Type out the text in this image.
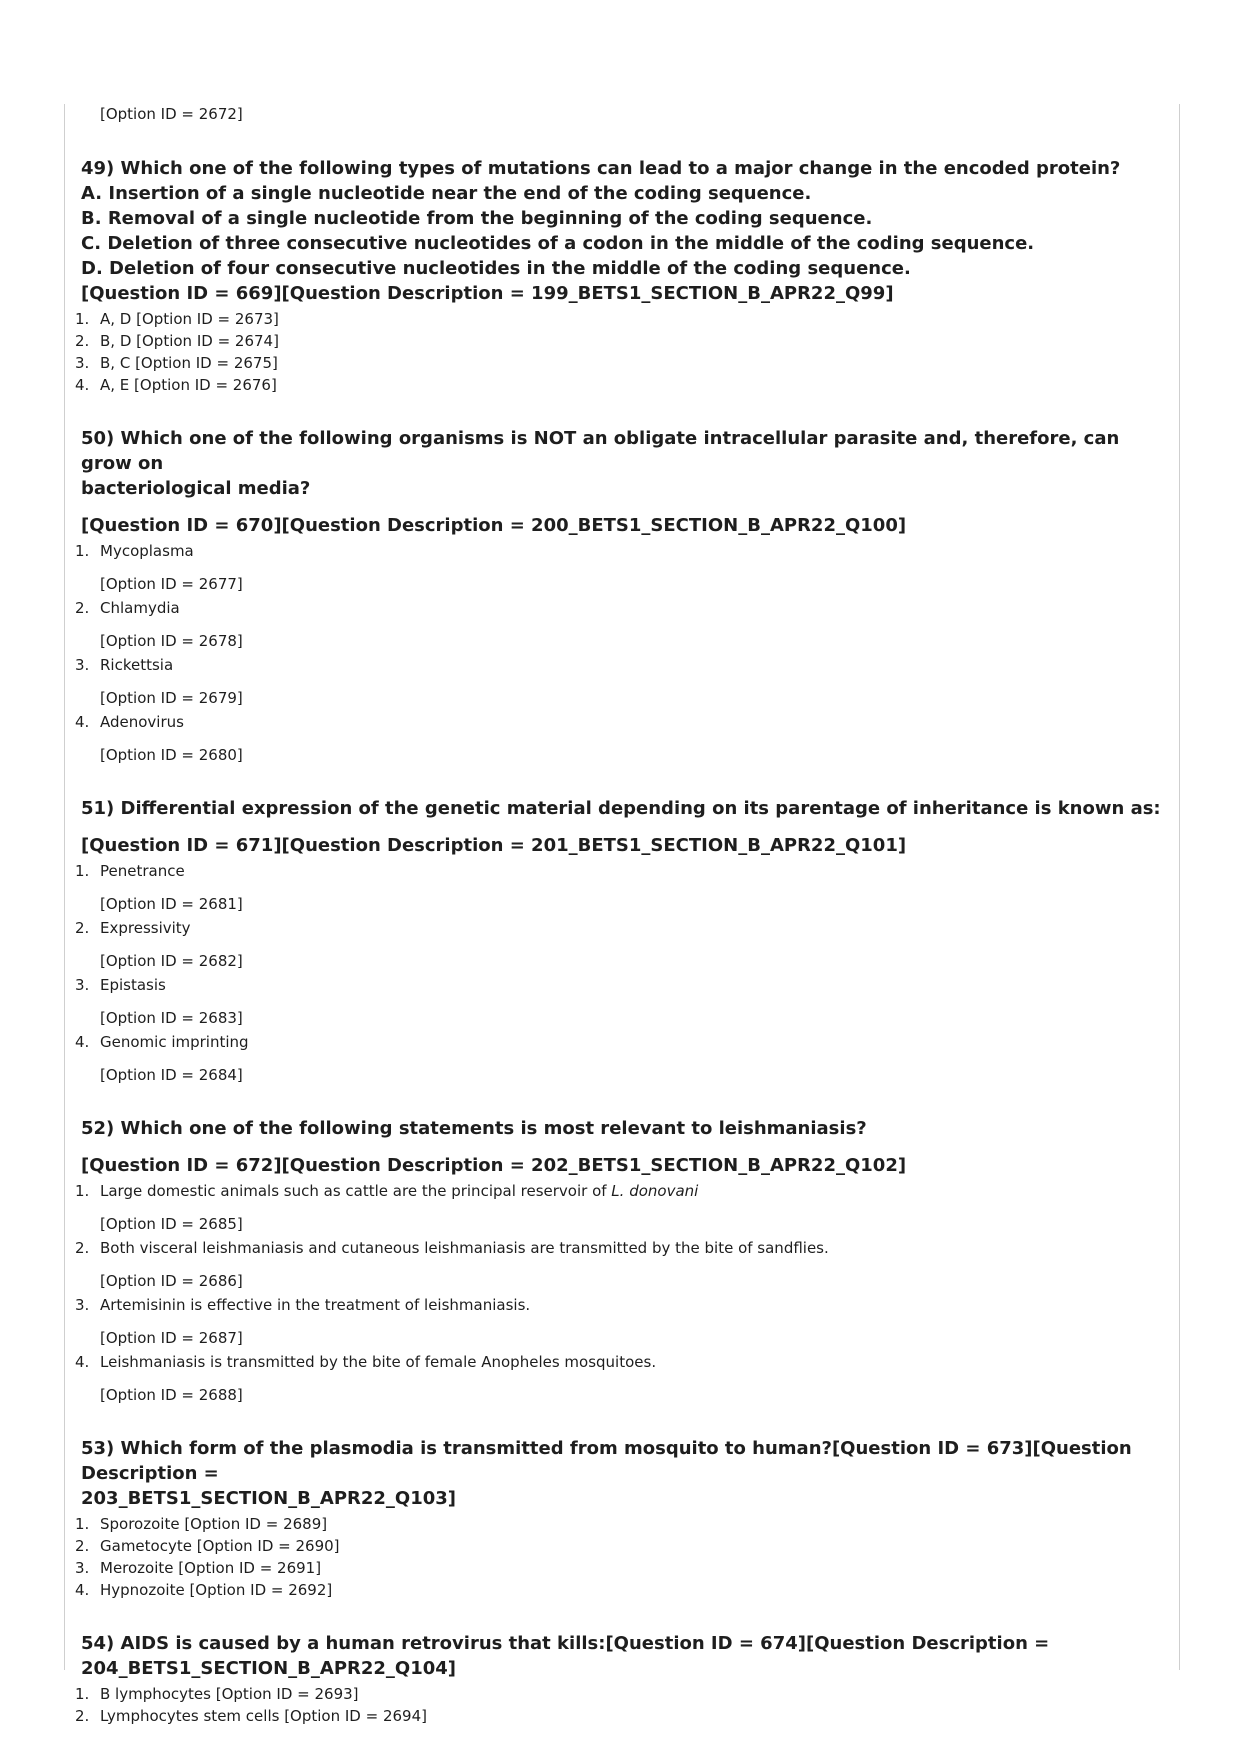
[Option ID = 2672]
49) Which one of the following types of mutations can lead to a major change in the encoded protein?
A. Insertion of a single nucleotide near the end of the coding sequence.
B. Removal of a single nucleotide from the beginning of the coding sequence.
C. Deletion of three consecutive nucleotides of a codon in the middle of the coding sequence.
D. Deletion of four consecutive nucleotides in the middle of the coding sequence.
[Question ID = 669][Question Description = 199_BETS1_SECTION_B_APR22_Q99]
1. A, D [Option ID = 2673]
2. B, D [Option ID = 2674]
3. B, C [Option ID = 2675]
4. A, E [Option ID = 2676]
50) Which one of the following organisms is NOT an obligate intracellular parasite and, therefore, can grow on
bacteriological media?
[Question ID = 670][Question Description = 200_BETS1_SECTION_B_APR22_Q100]
1. Mycoplasma
[Option ID = 2677]
2. Chlamydia
[Option ID = 2678]
3. Rickettsia
[Option ID = 2679]
4. Adenovirus
[Option ID = 2680]
51) Differential expression of the genetic material depending on its parentage of inheritance is known as:
[Question ID = 671][Question Description = 201_BETS1_SECTION_B_APR22_Q101]
1. Penetrance
[Option ID = 2681]
2. Expressivity
[Option ID = 2682]
3. Epistasis
[Option ID = 2683]
4. Genomic imprinting
[Option ID = 2684]
52) Which one of the following statements is most relevant to leishmaniasis?
[Question ID = 672][Question Description = 202_BETS1_SECTION_B_APR22_Q102]
1. Large domestic animals such as cattle are the principal reservoir of L. donovani
[Option ID = 2685]
2. Both visceral leishmaniasis and cutaneous leishmaniasis are transmitted by the bite of sandflies.
[Option ID = 2686]
3. Artemisinin is effective in the treatment of leishmaniasis.
[Option ID = 2687]
4. Leishmaniasis is transmitted by the bite of female Anopheles mosquitoes.
[Option ID = 2688]
53) Which form of the plasmodia is transmitted from mosquito to human?[Question ID = 673][Question Description =
203_BETS1_SECTION_B_APR22_Q103]
1. Sporozoite [Option ID = 2689]
2. Gametocyte [Option ID = 2690]
3. Merozoite [Option ID = 2691]
4. Hypnozoite [Option ID = 2692]
54) AIDS is caused by a human retrovirus that kills:[Question ID = 674][Question Description =
204_BETS1_SECTION_B_APR22_Q104]
1. B lymphocytes [Option ID = 2693]
2. Lymphocytes stem cells [Option ID = 2694]
